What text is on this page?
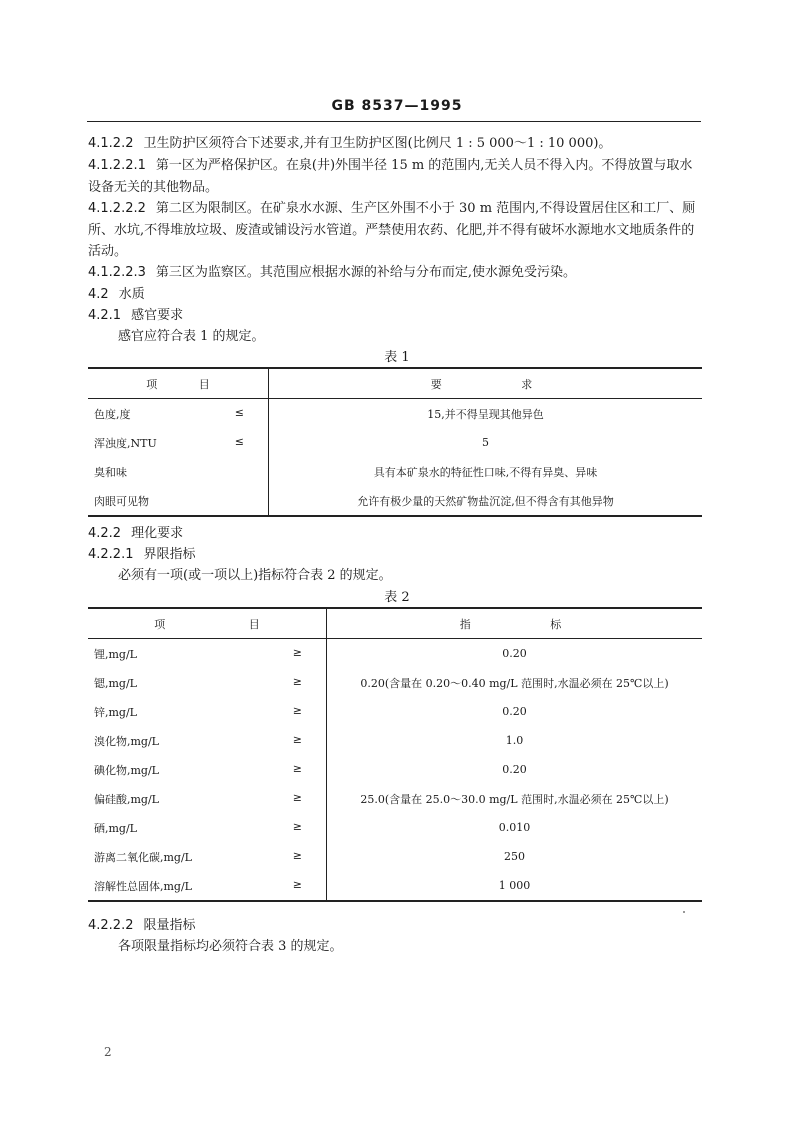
GB 8537—1995

4.1.2.2 卫生防护区须符合下述要求,并有卫生防护区图(比例尺 1 : 5 000～1 : 10 000)。

4.1.2.2.1 第一区为严格保护区。在泉(井)外围半径 15 m 的范围内,无关人员不得入内。不得放置与取水设备无关的其他物品。

4.1.2.2.2 第二区为限制区。在矿泉水水源、生产区外围不小于 30 m 范围内,不得设置居住区和工厂、厕所、水坑,不得堆放垃圾、废渣或铺设污水管道。严禁使用农药、化肥,并不得有破坏水源地水文地质条件的活动。

4.1.2.2.3 第三区为监察区。其范围应根据水源的补给与分布而定,使水源免受污染。

4.2 水质

4.2.1 感官要求

感官应符合表 1 的规定。

表 1
项 目	要 求

色度,度 ≤	15,并不得呈现其他异色

浑浊度,NTU ≤	5

臭和味	具有本矿泉水的特征性口味,不得有异臭、异味

肉眼可见物	允许有极少量的天然矿物盐沉淀,但不得含有其他异物

4.2.2 理化要求

4.2.2.1 界限指标

必须有一项(或一项以上)指标符合表 2 的规定。

表 2
项 目	指 标

锂,mg/L ≥	0.20

锶,mg/L ≥	0.20(含量在 0.20～0.40 mg/L 范围时,水温必须在 25℃以上)

锌,mg/L ≥	0.20

溴化物,mg/L ≥	1.0

碘化物,mg/L ≥	0.20

偏硅酸,mg/L ≥	25.0(含量在 25.0～30.0 mg/L 范围时,水温必须在 25℃以上)

硒,mg/L ≥	0.010

游离二氧化碳,mg/L ≥	250

溶解性总固体,mg/L ≥	1 000

4.2.2.2 限量指标

各项限量指标均必须符合表 3 的规定。

2
